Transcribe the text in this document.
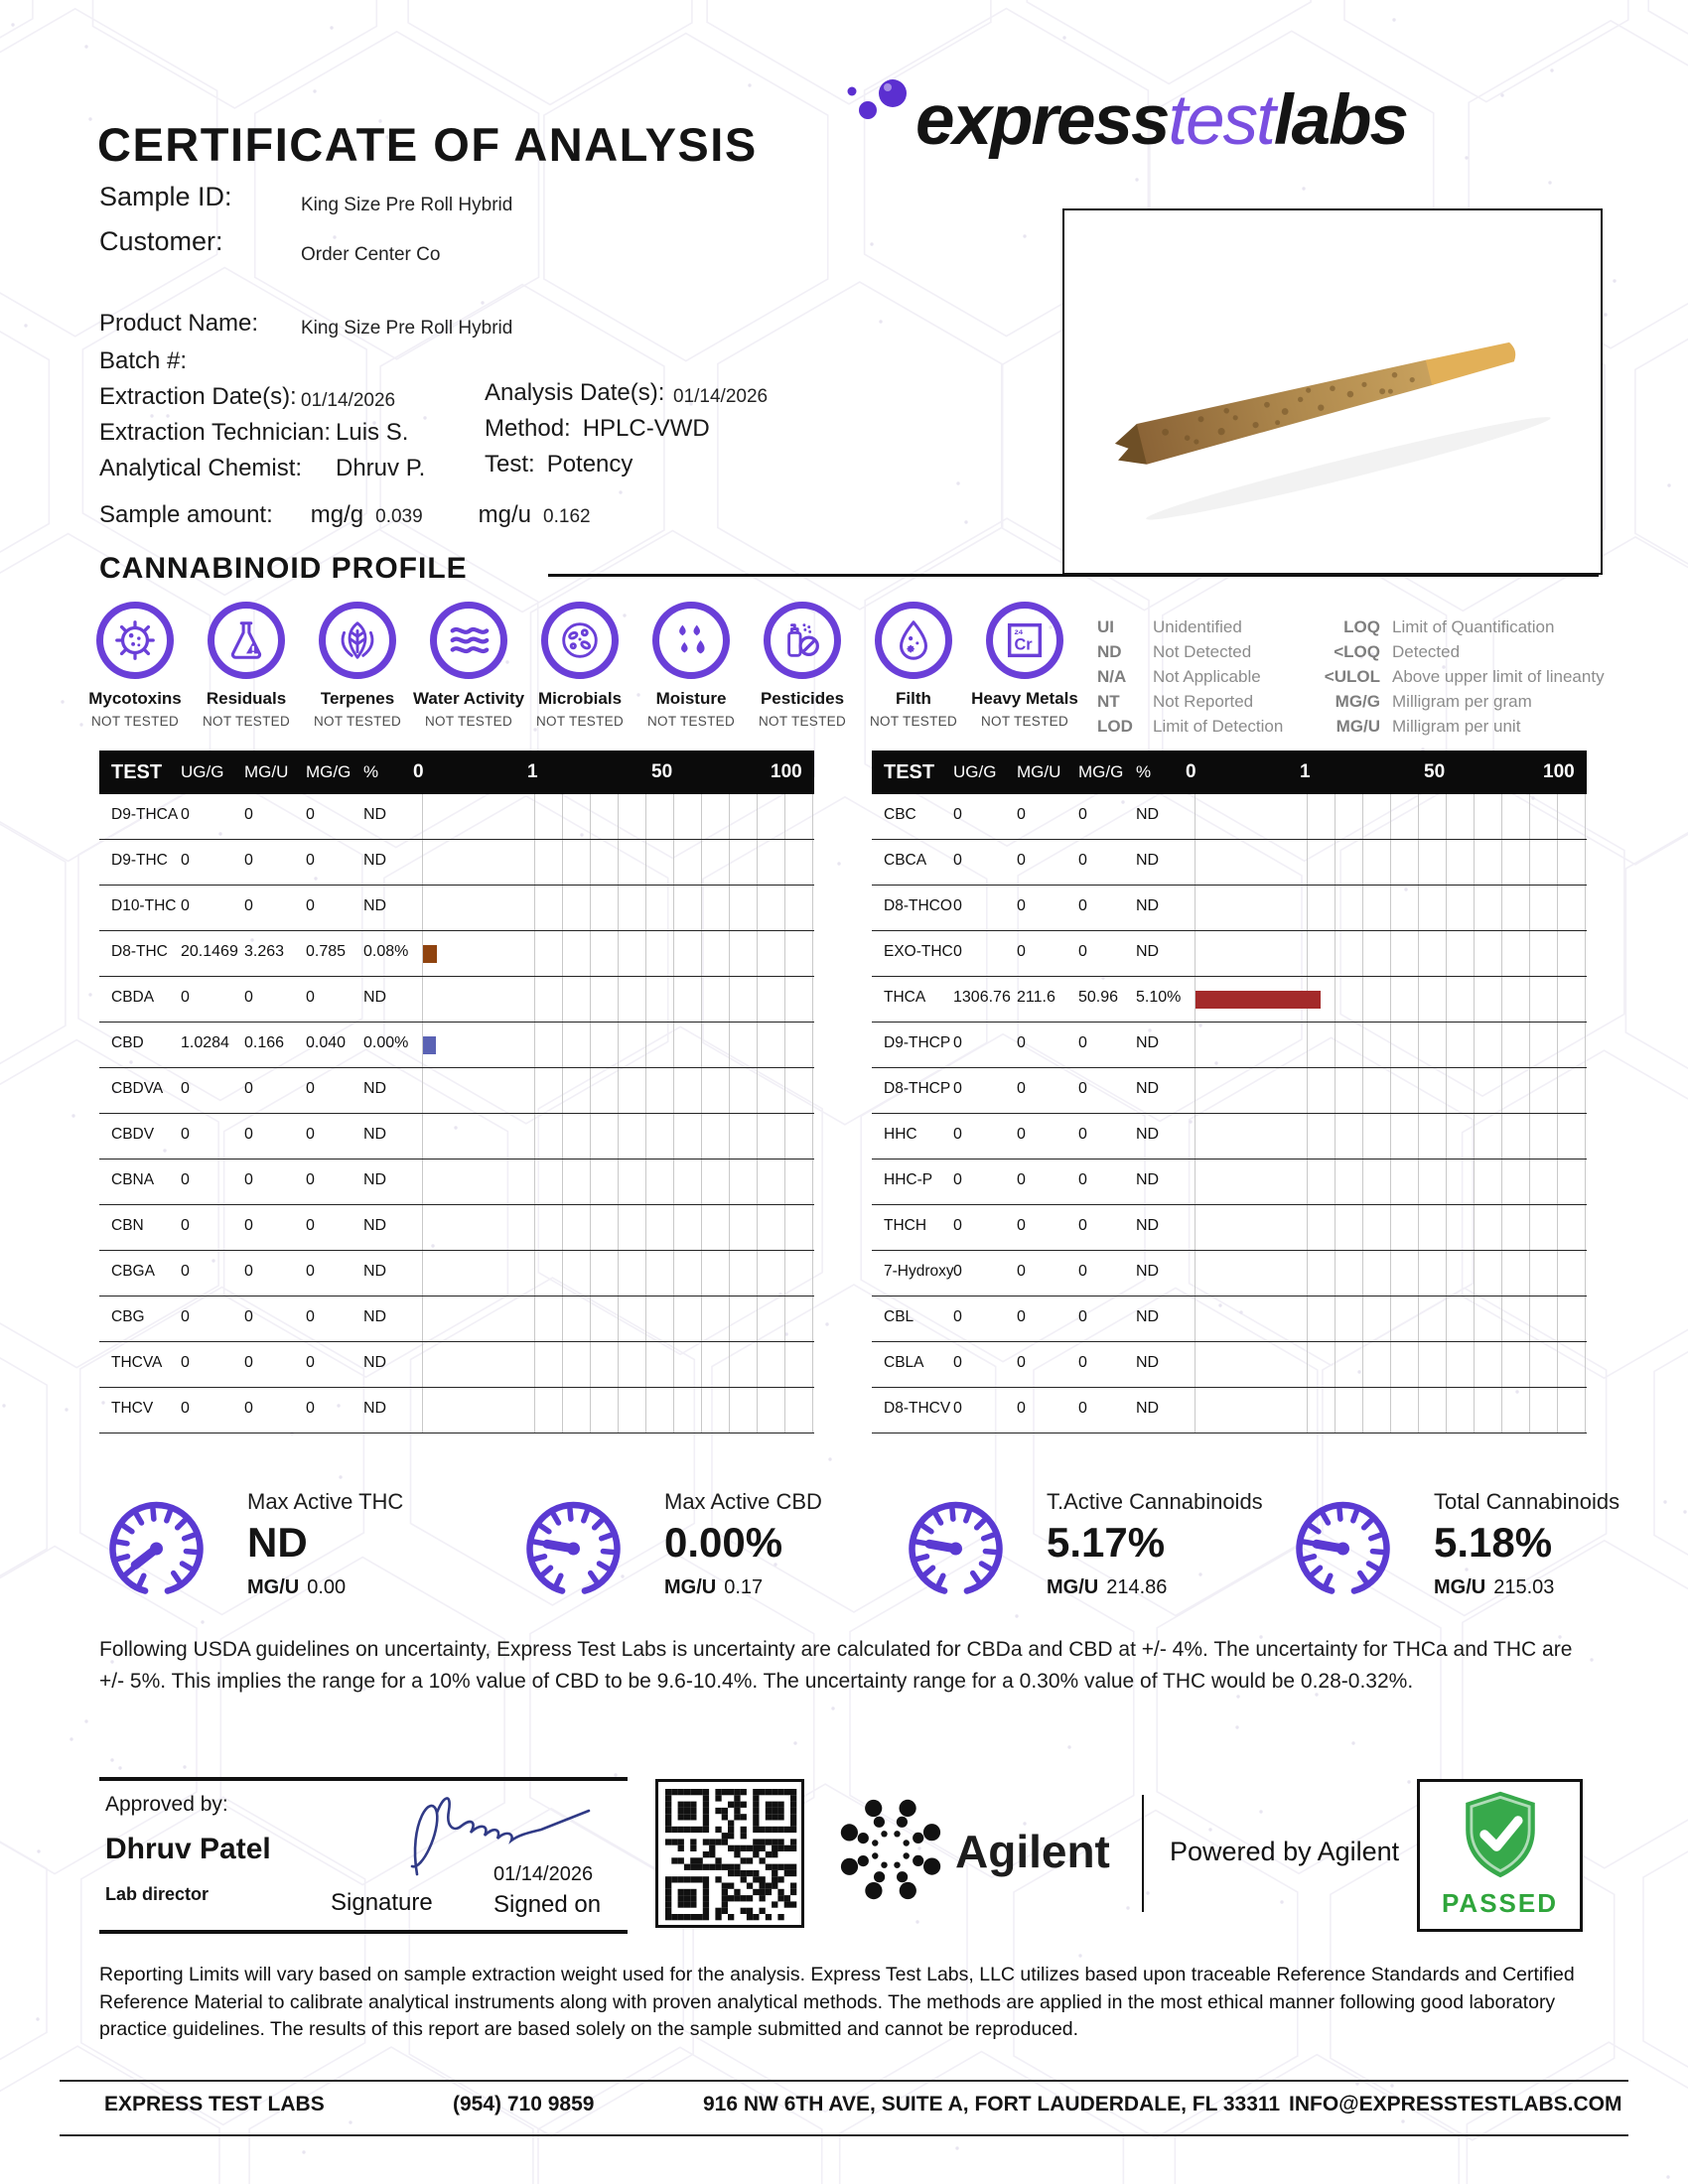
CERTIFICATE OF ANALYSIS express test labs
Sample ID:	King Size Pre Roll Hybrid
Customer:	Order Center Co
Product Name: King Size Pre Roll Hybrid
Batch #:
Extraction Date(s): 01/14/2026	Analysis Date(s): 01/14/2026
Extraction Technician: Luis S.	Method: HPLC-VWD
Analytical Chemist: Dhruv P. Test: Potency
Sample amount: mg/g 0.039 mg/u 0.162
CANNABINOID PROFILE
Mycotoxins
NOT TESTED
Residuals
NOT TESTED
Terpenes
NOT TESTED
Water Activity
NOT TESTED
Microbials
NOT TESTED
Moisture
NOT TESTED
Pesticides
NOT TESTED
Filth
NOT TESTED
Cr
24
Heavy Metals
NOT TESTED
UI	Unidentified
ND	Not Detected
N/A	Not Applicable
NT	Not Reported
LOD	Limit of Detection
LOQ Limit of Quantification
<LOQ Detected
<ULOL Above upper limit of lineanty
MG/G Milligram per gram
MG/U Milligram per unit
TEST UG/G MG/U MG/G % 0	1	50	100
D9-THCA 0	0	0	ND
D9-THC 0	0	0	ND
D10-THC 0	0	0	ND
D8-THC 20.1469 3.263 0.785 0.08%
CBDA 0	0	0	ND
CBD 1.0284 0.166 0.040 0.00%
CBDVA 0	0	0	ND
CBDV 0	0	0	ND
CBNA 0	0	0	ND
CBN 0	0	0	ND
CBGA 0	0	0	ND
CBG 0	0	0	ND
THCVA 0	0	0	ND
THCV 0	0	0	ND
TEST UG/G MG/U MG/G % 0	1	50	100
CBC 0	0	0	ND
CBCA 0	0	0	ND
D8-THCO 0	0	0	ND
EXO-THC 0	0	0	ND
THCA 1306.76 211.6 50.96 5.10%
D9-THCP 0	0	0	ND
D8-THCP 0	0	0	ND
HHC 0	0	0	ND
HHC-P 0	0	0	ND
THCH 0	0	0	ND
7-Hydroxy 0	0	0	ND
CBL 0	0	0	ND
CBLA 0	0	0	ND
D8-THCV 0	0	0	ND
Max Active THC
ND
MG/U 0.00
Max Active CBD
0.00%
MG/U 0.17
T.Active Cannabinoids
5.17%
MG/U 214.86
Total Cannabinoids
5.18%
MG/U 215.03

Following USDA guidelines on uncertainty, Express Test Labs is uncertainty are calculated for CBDa and CBD at +/- 4%. The uncertainty for THCa and THC are +/- 5%. This implies the range for a 10% value of CBD to be 9.6-10.4%. The uncertainty range for a 0.30% value of THC would be 0.28-0.32%.

Approved by:
Dhruv Patel
Lab director	Signature
01/14/2026
Signed on
Agilent Powered by Agilent
PASSED

Reporting Limits will vary based on sample extraction weight used for the analysis. Express Test Labs, LLC utilizes based upon traceable Reference Standards and Certified Reference Material to calibrate analytical instruments along with proven analytical methods. The methods are applied in the most ethical manner following good laboratory practice guidelines. The results of this report are based solely on the sample submitted and cannot be reproduced.

EXPRESS TEST LABS	(954) 710 9859	916 NW 6TH AVE, SUITE A, FORT LAUDERDALE, FL 33311 INFO@EXPRESSTESTLABS.COM
